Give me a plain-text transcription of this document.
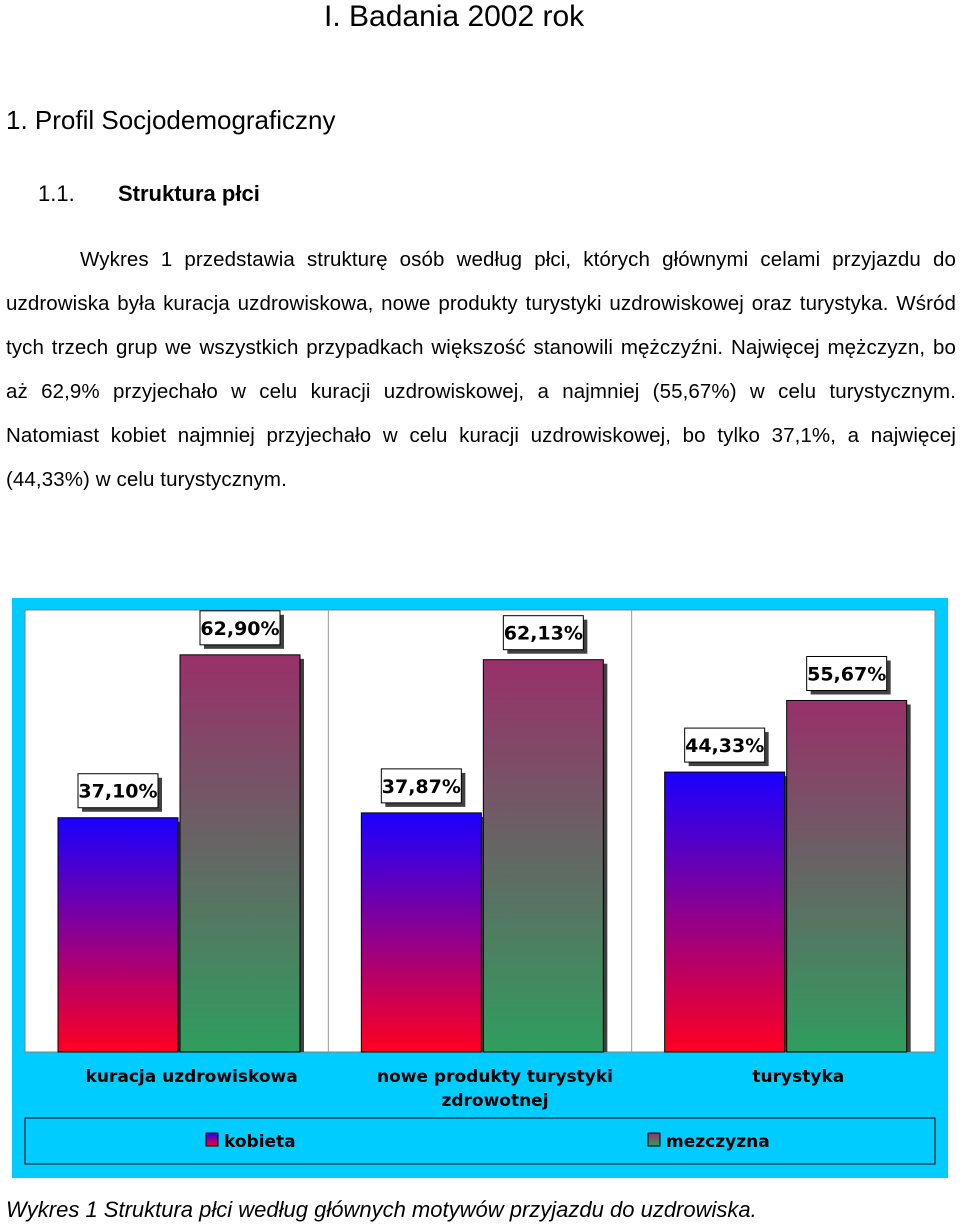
I. Badania 2002 rok
1. Profil Socjodemograficzny
1.1. Struktura płci
Wykres 1 przedstawia strukturę osób według płci, których głównymi celami przyjazdu do uzdrowiska była kuracja uzdrowiskowa, nowe produkty turystyki uzdrowiskowej oraz turystyka. Wśród tych trzech grup we wszystkich przypadkach większość stanowili mężczyźni. Najwięcej mężczyzn, bo aż 62,9% przyjechało w celu kuracji uzdrowiskowej, a najmniej (55,67%) w celu turystycznym. Natomiast kobiet najmniej przyjechało w celu kuracji uzdrowiskowej, bo tylko 37,1%, a najwięcej (44,33%) w celu turystycznym.
37,10%
62,90%
37,87%
62,13%
44,33%
55,67%
kuracja uzdrowiskowa	nowe produkty turystyki
zdrowotnej
turystyka
kobieta	mezczyzna
Wykres 1 Struktura płci według głównych motywów przyjazdu do uzdrowiska.
